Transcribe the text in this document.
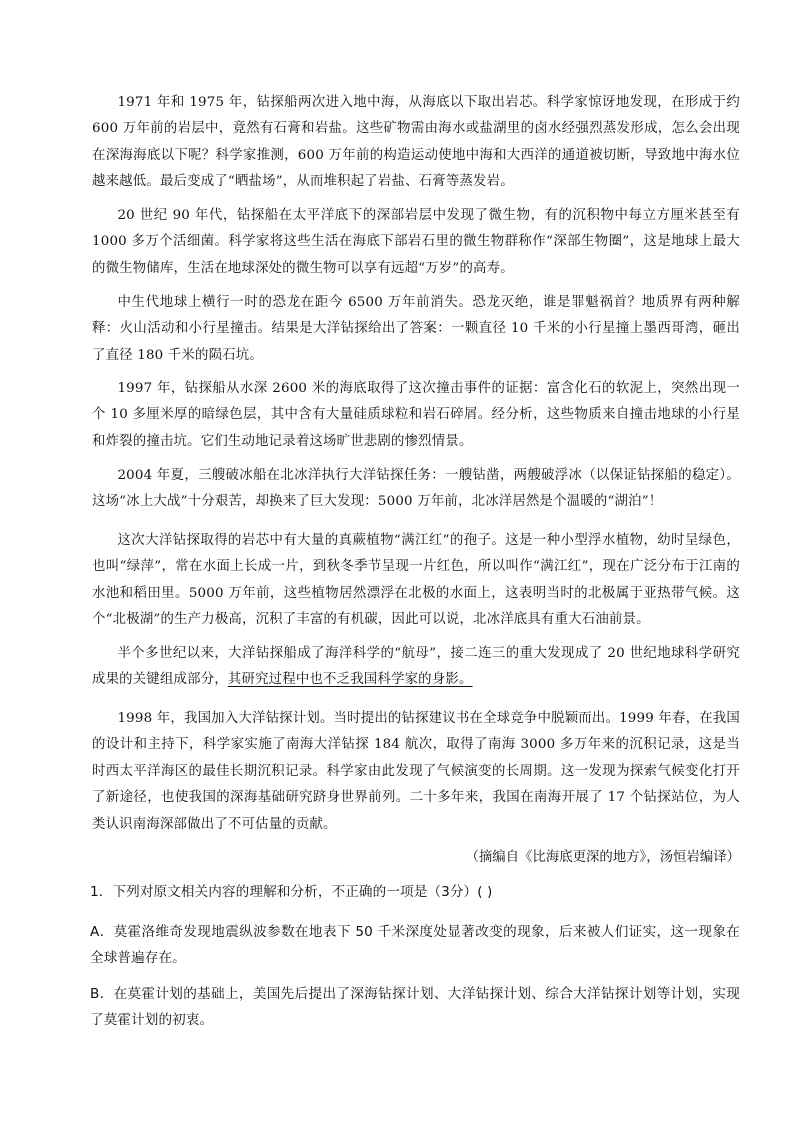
1971 年和 1975 年，钻探船两次进入地中海，从海底以下取出岩芯。科学家惊讶地发现，在形成于约 600 万年前的岩层中，竟然有石膏和岩盐。这些矿物需由海水或盐湖里的卤水经强烈蒸发形成，怎么会出现在深海海底以下呢？科学家推测，600 万年前的构造运动使地中海和大西洋的通道被切断，导致地中海水位越来越低。最后变成了“晒盐场”，从而堆积起了岩盐、石膏等蒸发岩。

20 世纪 90 年代，钻探船在太平洋底下的深部岩层中发现了微生物，有的沉积物中每立方厘米甚至有 1000 多万个活细菌。科学家将这些生活在海底下部岩石里的微生物群称作“深部生物圈”，这是地球上最大的微生物储库，生活在地球深处的微生物可以享有远超“万岁”的高寿。

中生代地球上横行一时的恐龙在距今 6500 万年前消失。恐龙灭绝，谁是罪魁祸首？地质界有两种解释：火山活动和小行星撞击。结果是大洋钻探给出了答案：一颗直径 10 千米的小行星撞上墨西哥湾，砸出了直径 180 千米的陨石坑。

1997 年，钻探船从水深 2600 米的海底取得了这次撞击事件的证据：富含化石的软泥上，突然出现一个 10 多厘米厚的暗绿色层，其中含有大量硅质球粒和岩石碎屑。经分析，这些物质来自撞击地球的小行星和炸裂的撞击坑。它们生动地记录着这场旷世悲剧的惨烈情景。

2004 年夏，三艘破冰船在北冰洋执行大洋钻探任务：一艘钻凿，两艘破浮冰（以保证钻探船的稳定）。这场“冰上大战”十分艰苦，却换来了巨大发现：5000 万年前，北冰洋居然是个温暖的“湖泊”！

这次大洋钻探取得的岩芯中有大量的真蕨植物“满江红”的孢子。这是一种小型浮水植物，幼时呈绿色，也叫“绿萍”，常在水面上长成一片，到秋冬季节呈现一片红色，所以叫作“满江红”，现在广泛分布于江南的水池和稻田里。5000 万年前，这些植物居然漂浮在北极的水面上，这表明当时的北极属于亚热带气候。这个“北极湖”的生产力极高，沉积了丰富的有机碳，因此可以说，北冰洋底具有重大石油前景。

半个多世纪以来，大洋钻探船成了海洋科学的“航母”，接二连三的重大发现成了 20 世纪地球科学研究成果的关键组成部分，其研究过程中也不乏我国科学家的身影。

1998 年，我国加入大洋钻探计划。当时提出的钻探建议书在全球竞争中脱颖而出。1999 年春，在我国的设计和主持下，科学家实施了南海大洋钻探 184 航次，取得了南海 3000 多万年来的沉积记录，这是当时西太平洋海区的最佳长期沉积记录。科学家由此发现了气候演变的长周期。这一发现为探索气候变化打开了新途径，也使我国的深海基础研究跻身世界前列。二十多年来，我国在南海开展了 17 个钻探站位，为人类认识南海深部做出了不可估量的贡献。

（摘编自《比海底更深的地方》，汤恒岩编译）

1．下列对原文相关内容的理解和分析，不正确的一项是（3分）( )

A．莫霍洛维奇发现地震纵波参数在地表下 50 千米深度处显著改变的现象，后来被人们证实，这一现象在全球普遍存在。

B．在莫霍计划的基础上，美国先后提出了深海钻探计划、大洋钻探计划、综合大洋钻探计划等计划，实现了莫霍计划的初衷。
